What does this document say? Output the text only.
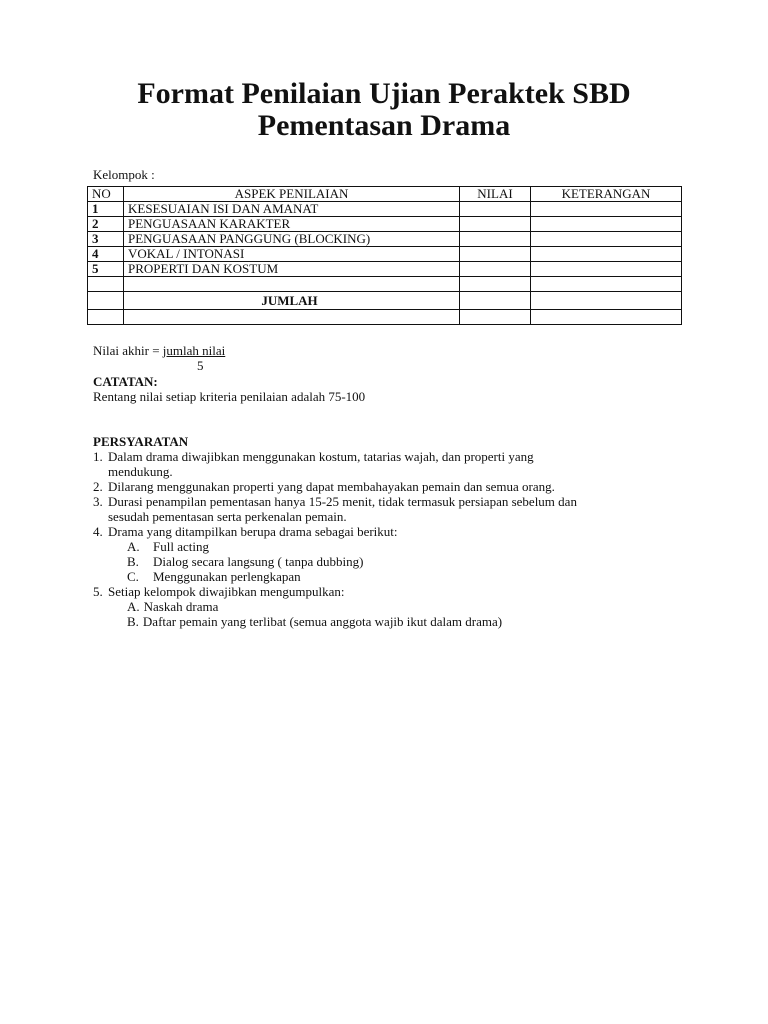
Format Penilaian Ujian Peraktek SBD
Pementasan Drama
Kelompok :
NO	ASPEK PENILAIAN	NILAI	KETERANGAN
1	KESESUAIAN ISI DAN AMANAT		
2	PENGUASAAN KARAKTER		
3	PENGUASAAN PANGGUNG (BLOCKING)		
4	VOKAL / INTONASI		
5	PROPERTI DAN KOSTUM		

	JUMLAH		

Nilai akhir = jumlah nilai
5
CATATAN:
Rentang nilai setiap kriteria penilaian adalah 75-100
PERSYARATAN
1. Dalam drama diwajibkan menggunakan kostum, tatarias wajah, dan properti yang
mendukung.
2. Dilarang menggunakan properti yang dapat membahayakan pemain dan semua orang.
3. Durasi penampilan pementasan hanya 15-25 menit, tidak termasuk persiapan sebelum dan
sesudah pementasan serta perkenalan pemain.
4. Drama yang ditampilkan berupa drama sebagai berikut:
A. Full acting
B. Dialog secara langsung ( tanpa dubbing)
C. Menggunakan perlengkapan
5. Setiap kelompok diwajibkan mengumpulkan:
A. Naskah drama
B. Daftar pemain yang terlibat (semua anggota wajib ikut dalam drama)
